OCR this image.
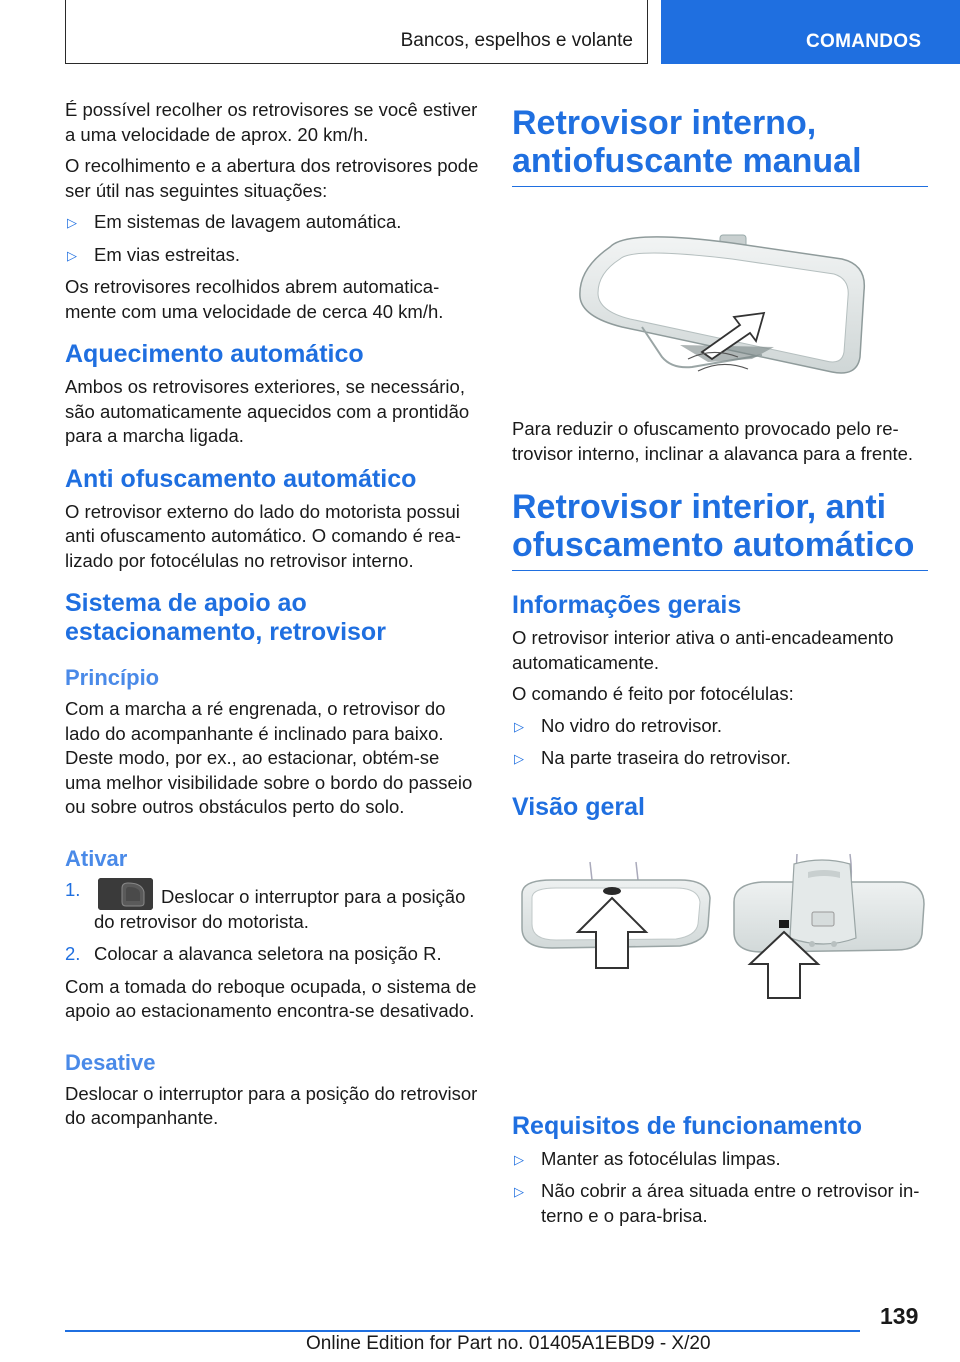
Bancos, espelhos e volante	COMANDOS

É possível recolher os retrovisores se você estiver a uma velocidade de aprox. 20 km/h.

O recolhimento e a abertura dos retrovisores pode ser útil nas seguintes situações:

▷ Em sistemas de lavagem automática.
▷ Em vias estreitas.

Os retrovisores recolhidos abrem automaticamente com uma velocidade de cerca 40 km/h.

Aquecimento automático

Ambos os retrovisores exteriores, se necessário, são automaticamente aquecidos com a prontidão para a marcha ligada.

Anti ofuscamento automático

O retrovisor externo do lado do motorista possui anti ofuscamento automático. O comando é realizado por fotocélulas no retrovisor interno.

Sistema de apoio ao estacionamento, retrovisor
Princípio

Com a marcha a ré engrenada, o retrovisor do lado do acompanhante é inclinado para baixo. Deste modo, por ex., ao estacionar, obtém-se uma melhor visibilidade sobre o bordo do passeio ou sobre outros obstáculos perto do solo.

Ativar
1.	Deslocar o interruptor para a posição do retrovisor do motorista.
2. Colocar a alavanca seletora na posição R.

Com a tomada do reboque ocupada, o sistema de apoio ao estacionamento encontra-se desativado.

Desative

Deslocar o interruptor para a posição do retrovisor do acompanhante.

Retrovisor interno, antiofuscante manual

Para reduzir o ofuscamento provocado pelo retrovisor interno, inclinar a alavanca para a frente.

Retrovisor interior, anti ofuscamento automático
Informações gerais

O retrovisor interior ativa o anti-encadeamento automaticamente.

O comando é feito por fotocélulas:

▷ No vidro do retrovisor.
▷ Na parte traseira do retrovisor.
Visão geral
Requisitos de funcionamento
▷ Manter as fotocélulas limpas.
▷ Não cobrir a área situada entre o retrovisor interno e o para-brisa.
139
Online Edition for Part no. 01405A1EBD9 - X/20
